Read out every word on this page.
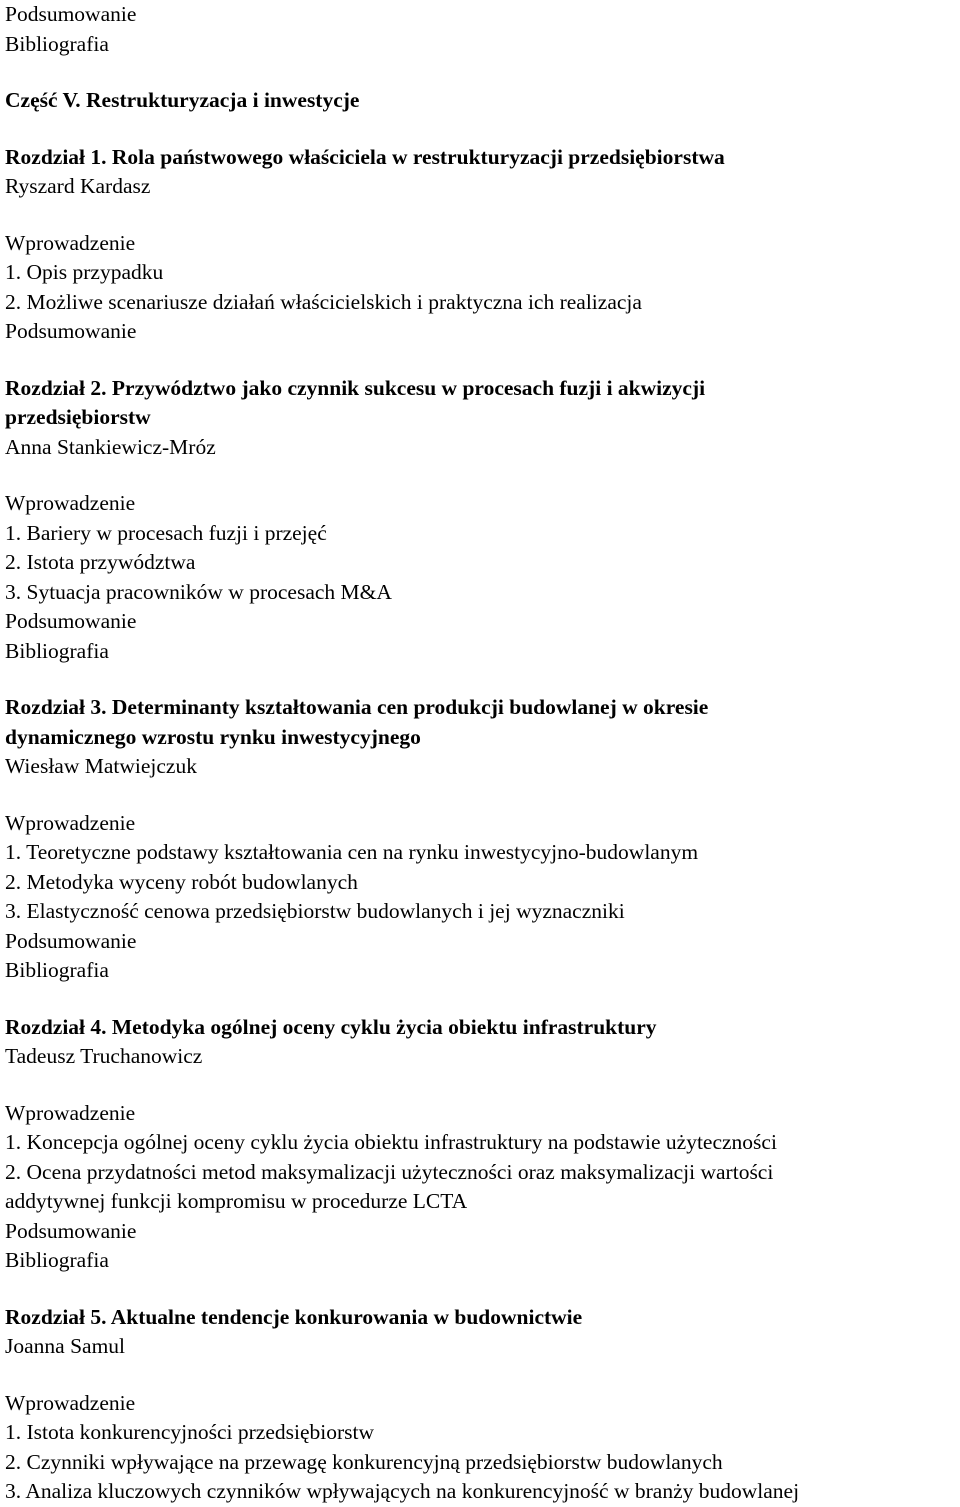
Podsumowanie
Bibliografia
Część V. Restrukturyzacja i inwestycje
Rozdział 1. Rola państwowego właściciela w restrukturyzacji przedsiębiorstwa
Ryszard Kardasz
Wprowadzenie
1. Opis przypadku
2. Możliwe scenariusze działań właścicielskich i praktyczna ich realizacja
Podsumowanie
Rozdział 2. Przywództwo jako czynnik sukcesu w procesach fuzji i akwizycji
przedsiębiorstw
Anna Stankiewicz-Mróz
Wprowadzenie
1. Bariery w procesach fuzji i przejęć
2. Istota przywództwa
3. Sytuacja pracowników w procesach M&A
Podsumowanie
Bibliografia
Rozdział 3. Determinanty kształtowania cen produkcji budowlanej w okresie
dynamicznego wzrostu rynku inwestycyjnego
Wiesław Matwiejczuk
Wprowadzenie
1. Teoretyczne podstawy kształtowania cen na rynku inwestycyjno-budowlanym
2. Metodyka wyceny robót budowlanych
3. Elastyczność cenowa przedsiębiorstw budowlanych i jej wyznaczniki
Podsumowanie
Bibliografia
Rozdział 4. Metodyka ogólnej oceny cyklu życia obiektu infrastruktury
Tadeusz Truchanowicz
Wprowadzenie
1. Koncepcja ogólnej oceny cyklu życia obiektu infrastruktury na podstawie użyteczności
2. Ocena przydatności metod maksymalizacji użyteczności oraz maksymalizacji wartości
addytywnej funkcji kompromisu w procedurze LCTA
Podsumowanie
Bibliografia
Rozdział 5. Aktualne tendencje konkurowania w budownictwie
Joanna Samul
Wprowadzenie
1. Istota konkurencyjności przedsiębiorstw
2. Czynniki wpływające na przewagę konkurencyjną przedsiębiorstw budowlanych
3. Analiza kluczowych czynników wpływających na konkurencyjność w branży budowlanej
